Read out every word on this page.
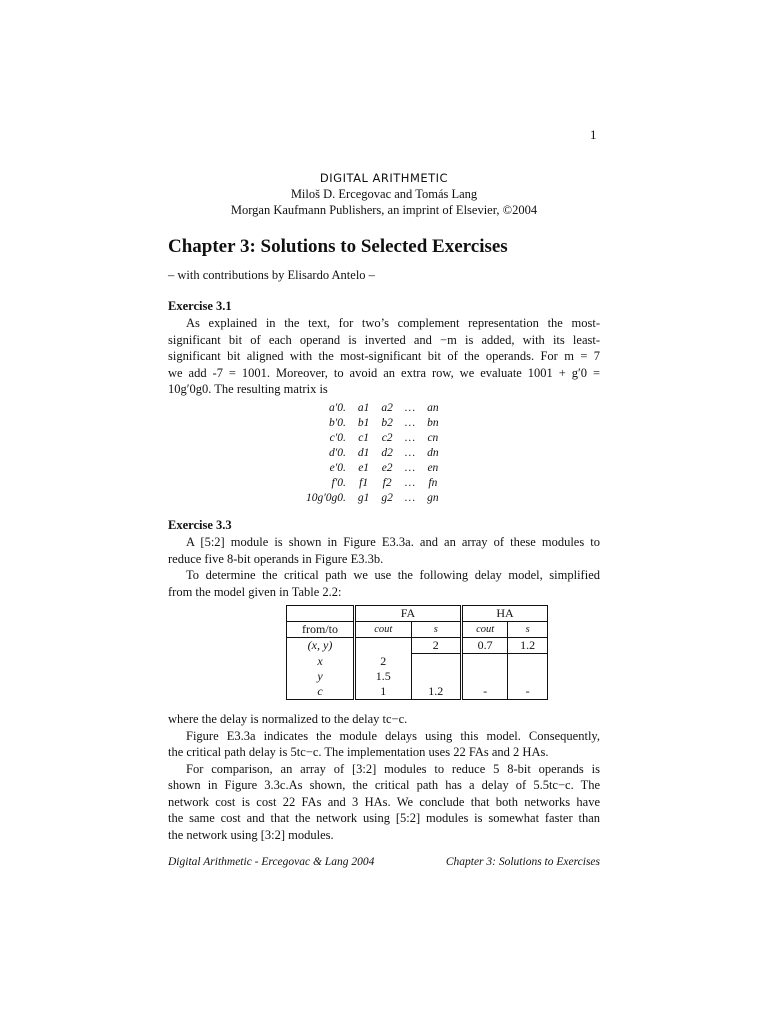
1
DIGITAL ARITHMETIC
Miloš D. Ercegovac and Tomás Lang
Morgan Kaufmann Publishers, an imprint of Elsevier, ©2004
Chapter 3: Solutions to Selected Exercises
– with contributions by Elisardo Antelo –
Exercise 3.1
As explained in the text, for two’s complement representation the most-
significant bit of each operand is inverted and −m is added, with its least-
significant bit aligned with the most-significant bit of the operands. For m = 7
we add -7 = 1001. Moreover, to avoid an extra row, we evaluate 1001 + g′0 =
10g′0g0. The resulting matrix is
a′0.	a1	a2	…	an
b′0.	b1	b2	…	bn
c′0.	c1	c2	…	cn
d′0.	d1	d2	…	dn
e′0.	e1	e2	…	en
f′0.	f1	f2	…	fn
10g′0g0.	g1	g2	…	gn
Exercise 3.3
A [5:2] module is shown in Figure E3.3a. and an array of these modules to
reduce five 8-bit operands in Figure E3.3b.
To determine the critical path we use the following delay model, simplified
from the model given in Table 2.2:
	FA		HA	
from/to	cout	s	cout	s
(x, y)		2	0.7	1.2
x	2			
y	1.5			
c	1	1.2	-	-
where the delay is normalized to the delay tc−c.
Figure E3.3a indicates the module delays using this model. Consequently,
the critical path delay is 5tc−c. The implementation uses 22 FAs and 2 HAs.
For comparison, an array of [3:2] modules to reduce 5 8-bit operands is
shown in Figure 3.3c.As shown, the critical path has a delay of 5.5tc−c. The
network cost is cost 22 FAs and 3 HAs. We conclude that both networks have
the same cost and that the network using [5:2] modules is somewhat faster than
the network using [3:2] modules.
Digital Arithmetic - Ercegovac & Lang 2004	Chapter 3: Solutions to Exercises
